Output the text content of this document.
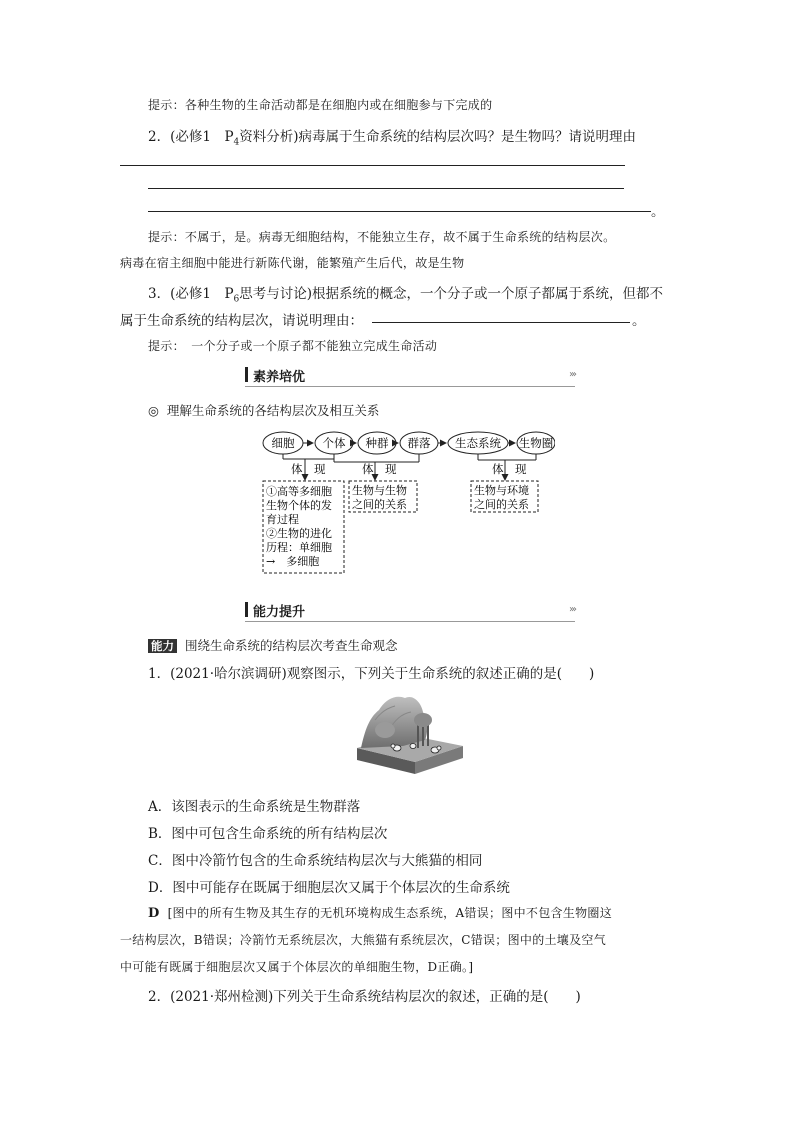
提示：各种生物的生命活动都是在细胞内或在细胞参与下完成的
2．(必修1　$P_4$资料分析)病毒属于生命系统的结构层次吗？是生物吗？请说明理由
。
提示：不属于，是。病毒无细胞结构，不能独立生存，故不属于生命系统的结构层次。
病毒在宿主细胞中能进行新陈代谢，能繁殖产生后代，故是生物
3．(必修1　$P_6$思考与讨论)根据系统的概念，一个分子或一个原子都属于系统，但都不
属于生命系统的结构层次，请说明理由：	。
提示：　一个分子或一个原子都不能独立完成生命活动
素养培优	›››
◎ 理解生命系统的各结构层次及相互关系
细胞 个体 种群 群落 生态系统 生物圈
体　现	体　现	体　现
①高等多细胞
生物个体的发
育过程
②生物的进化
历程：单细胞
→　多细胞
生物与生物
之间的关系
生物与环境
之间的关系
能力提升	›››
能力 围绕生命系统的结构层次考查生命观念
1．(2021·哈尔滨调研)观察图示，下列关于生命系统的叙述正确的是(　　)
A．该图表示的生命系统是生物群落
B．图中可包含生命系统的所有结构层次
C．图中冷箭竹包含的生命系统结构层次与大熊猫的相同
D．图中可能存在既属于细胞层次又属于个体层次的生命系统
D [图中的所有生物及其生存的无机环境构成生态系统，A错误；图中不包含生物圈这
一结构层次，B错误；冷箭竹无系统层次，大熊猫有系统层次，C错误；图中的土壤及空气
中可能有既属于细胞层次又属于个体层次的单细胞生物，D正确。]
2．(2021·郑州检测)下列关于生命系统结构层次的叙述，正确的是(　　)
